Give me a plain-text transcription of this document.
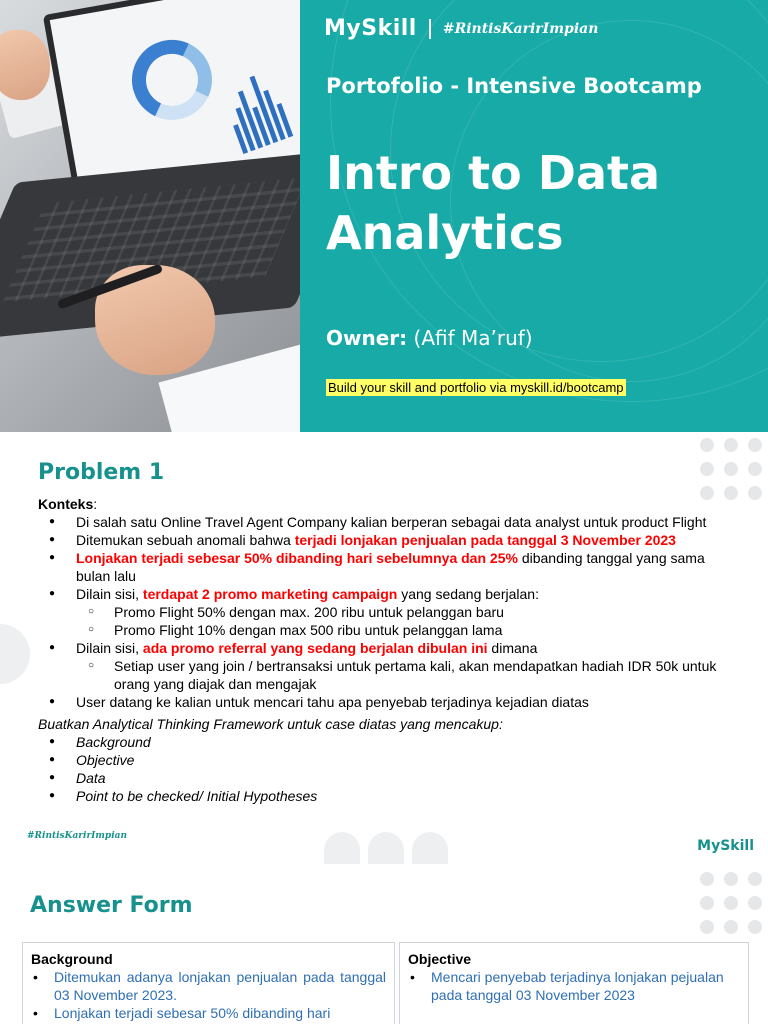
MySkill #RintisKarirImpian
Portofolio - Intensive Bootcamp
Intro to Data Analytics
Owner: (Afif Ma’ruf)
Build your skill and portfolio via myskill.id/bootcamp
Problem 1

Konteks:

● Di salah satu Online Travel Agent Company kalian berperan sebagai data analyst untuk product Flight
● Ditemukan sebuah anomali bahwa terjadi lonjakan penjualan pada tanggal 3 November 2023
● Lonjakan terjadi sebesar 50% dibanding hari sebelumnya dan 25% dibanding tanggal yang sama bulan lalu
● Dilain sisi, terdapat 2 promo marketing campaign yang sedang berjalan:
○ Promo Flight 50% dengan max. 200 ribu untuk pelanggan baru
○ Promo Flight 10% dengan max 500 ribu untuk pelanggan lama
● Dilain sisi, ada promo referral yang sedang berjalan dibulan ini dimana
○ Setiap user yang join / bertransaksi untuk pertama kali, akan mendapatkan hadiah IDR 50k untuk orang yang diajak dan mengajak
● User datang ke kalian untuk mencari tahu apa penyebab terjadinya kejadian diatas

Buatkan Analytical Thinking Framework untuk case diatas yang mencakup:

● Background
● Objective
● Data
● Point to be checked/ Initial Hypotheses
#RintisKarirImpian
MySkill
Answer Form
Background
• Ditemukan adanya lonjakan penjualan pada tanggal 03 November 2023.
• Lonjakan terjadi sebesar 50% dibanding hari
Objective
• Mencari penyebab terjadinya lonjakan pejualan pada tanggal 03 November 2023
